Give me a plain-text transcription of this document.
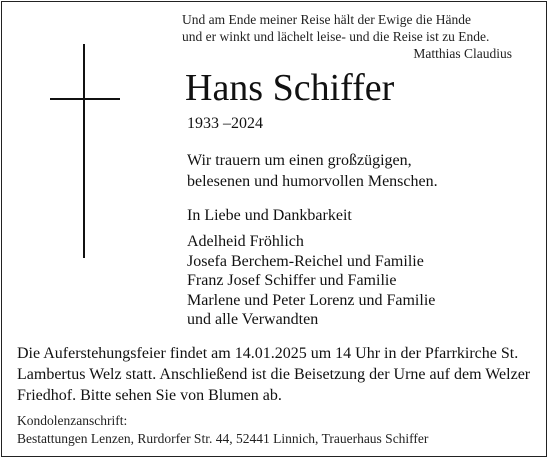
Und am Ende meiner Reise hält der Ewige die Hände
und er winkt und lächelt leise- und die Reise ist zu Ende.
Matthias Claudius
Hans Schiffer
1933 –2024
Wir trauern um einen großzügigen,
belesenen und humorvollen Menschen.
In Liebe und Dankbarkeit
Adelheid Fröhlich
Josefa Berchem-Reichel und Familie
Franz Josef Schiffer und Familie
Marlene und Peter Lorenz und Familie
und alle Verwandten
Die Auferstehungsfeier findet am 14.01.2025 um 14 Uhr in der Pfarrkirche St.
Lambertus Welz statt. Anschließend ist die Beisetzung der Urne auf dem Welzer
Friedhof. Bitte sehen Sie von Blumen ab.
Kondolenzanschrift:
Bestattungen Lenzen, Rurdorfer Str. 44, 52441 Linnich, Trauerhaus Schiffer
